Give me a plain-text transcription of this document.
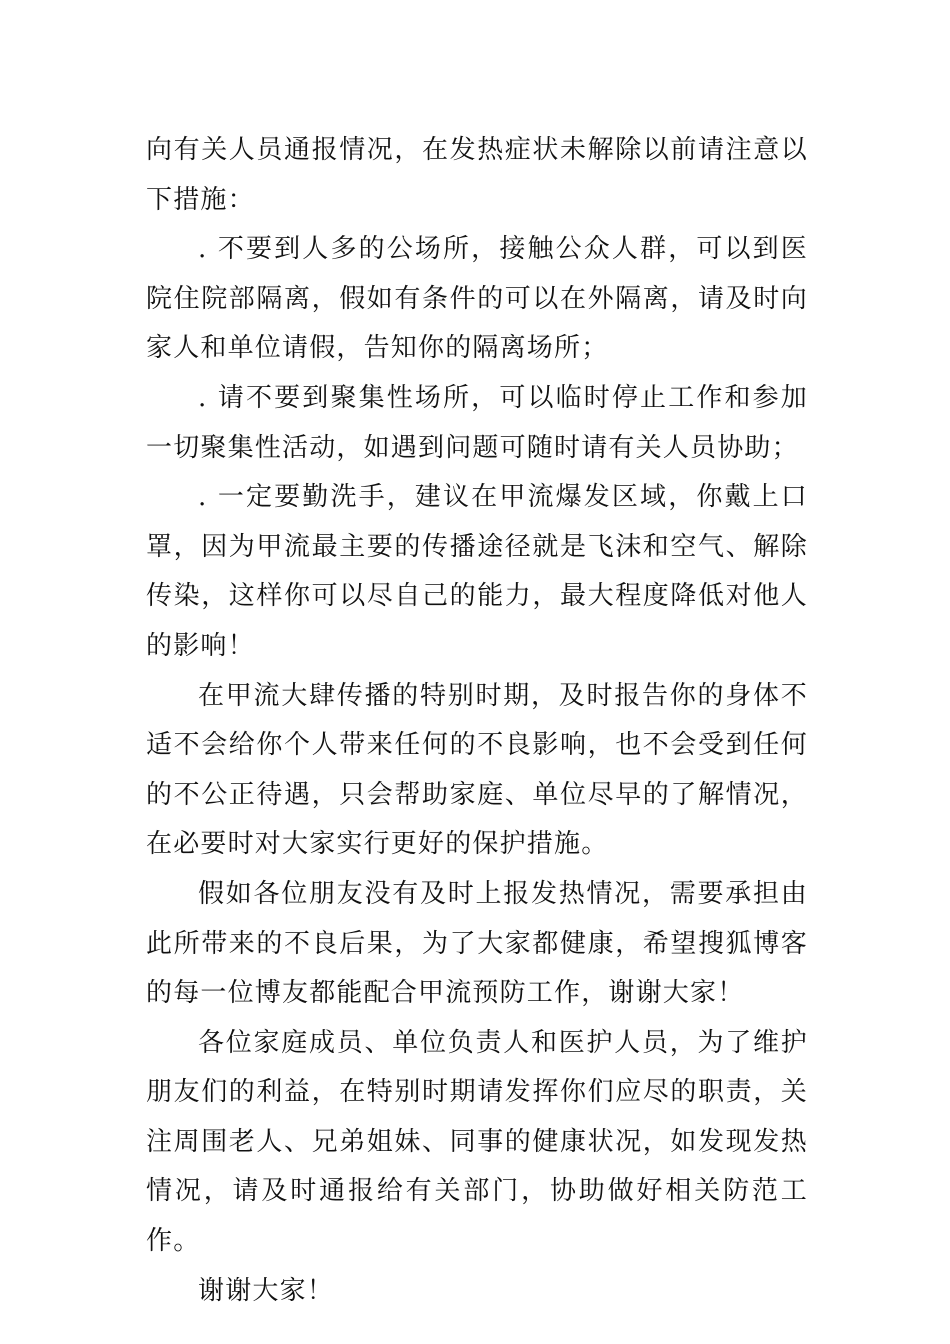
向有关人员通报情况，在发热症状未解除以前请注意以下措施：

. 不要到人多的公场所，接触公众人群，可以到医院住院部隔离，假如有条件的可以在外隔离，请及时向家人和单位请假，告知你的隔离场所；

. 请不要到聚集性场所，可以临时停止工作和参加一切聚集性活动，如遇到问题可随时请有关人员协助；

. 一定要勤洗手，建议在甲流爆发区域，你戴上口罩，因为甲流最主要的传播途径就是飞沫和空气、解除传染，这样你可以尽自己的能力，最大程度降低对他人的影响！

在甲流大肆传播的特别时期，及时报告你的身体不适不会给你个人带来任何的不良影响，也不会受到任何的不公正待遇，只会帮助家庭、单位尽早的了解情况，在必要时对大家实行更好的保护措施。

假如各位朋友没有及时上报发热情况，需要承担由此所带来的不良后果，为了大家都健康，希望搜狐博客的每一位博友都能配合甲流预防工作，谢谢大家！

各位家庭成员、单位负责人和医护人员，为了维护朋友们的利益，在特别时期请发挥你们应尽的职责，关注周围老人、兄弟姐妹、同事的健康状况，如发现发热情况，请及时通报给有关部门，协助做好相关防范工作。

谢谢大家！
